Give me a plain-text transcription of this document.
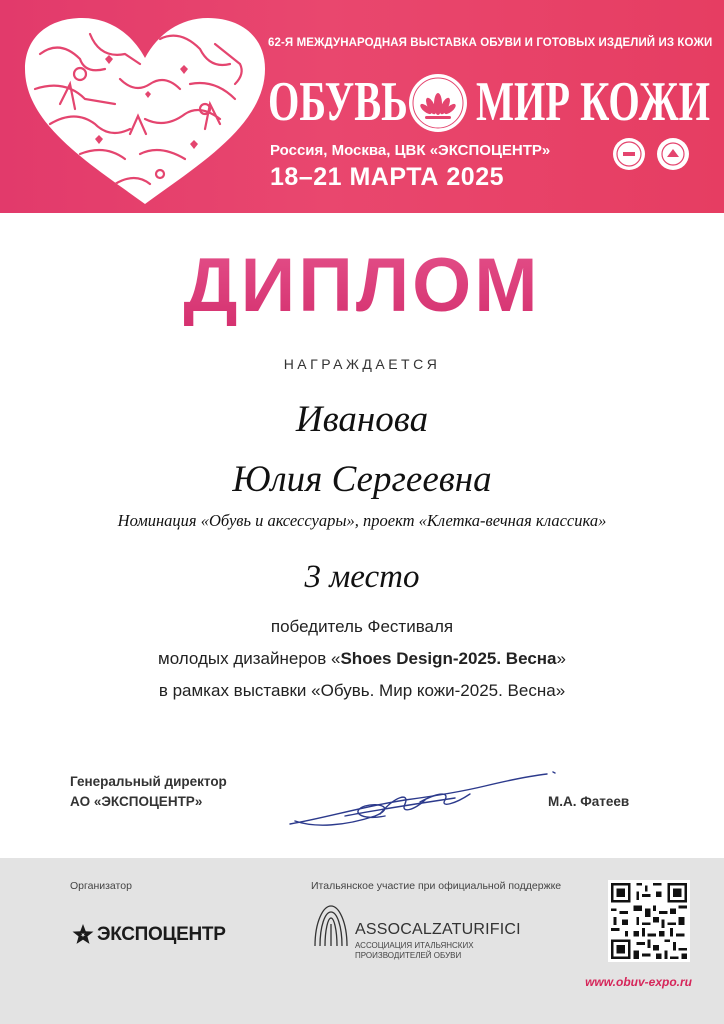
62-Я МЕЖДУНАРОДНАЯ ВЫСТАВКА ОБУВИ И ГОТОВЫХ ИЗДЕЛИЙ ИЗ КОЖИ
ОБУВЬ МИР КОЖИ
Россия, Москва, ЦВК «ЭКСПОЦЕНТР»
18–21 МАРТА 2025
ДИПЛОМ
НАГРАЖДАЕТСЯ
Иванова
Юлия Сергеевна
Номинация «Обувь и аксессуары», проект «Клетка-вечная классика»
3 место
победитель Фестиваля
молодых дизайнеров «Shoes Design-2025. Весна»
в рамках выставки «Обувь. Мир кожи-2025. Весна»
Генеральный директор
АО «ЭКСПОЦЕНТР»	М.А. Фатеев
Организатор	Итальянское участие при официальной поддержке
ЭКСПОЦЕНТР	ASSOCALZATURIFICI
АССОЦИАЦИЯ ИТАЛЬЯНСКИХ ПРОИЗВОДИТЕЛЕЙ ОБУВИ
www.obuv-expo.ru
